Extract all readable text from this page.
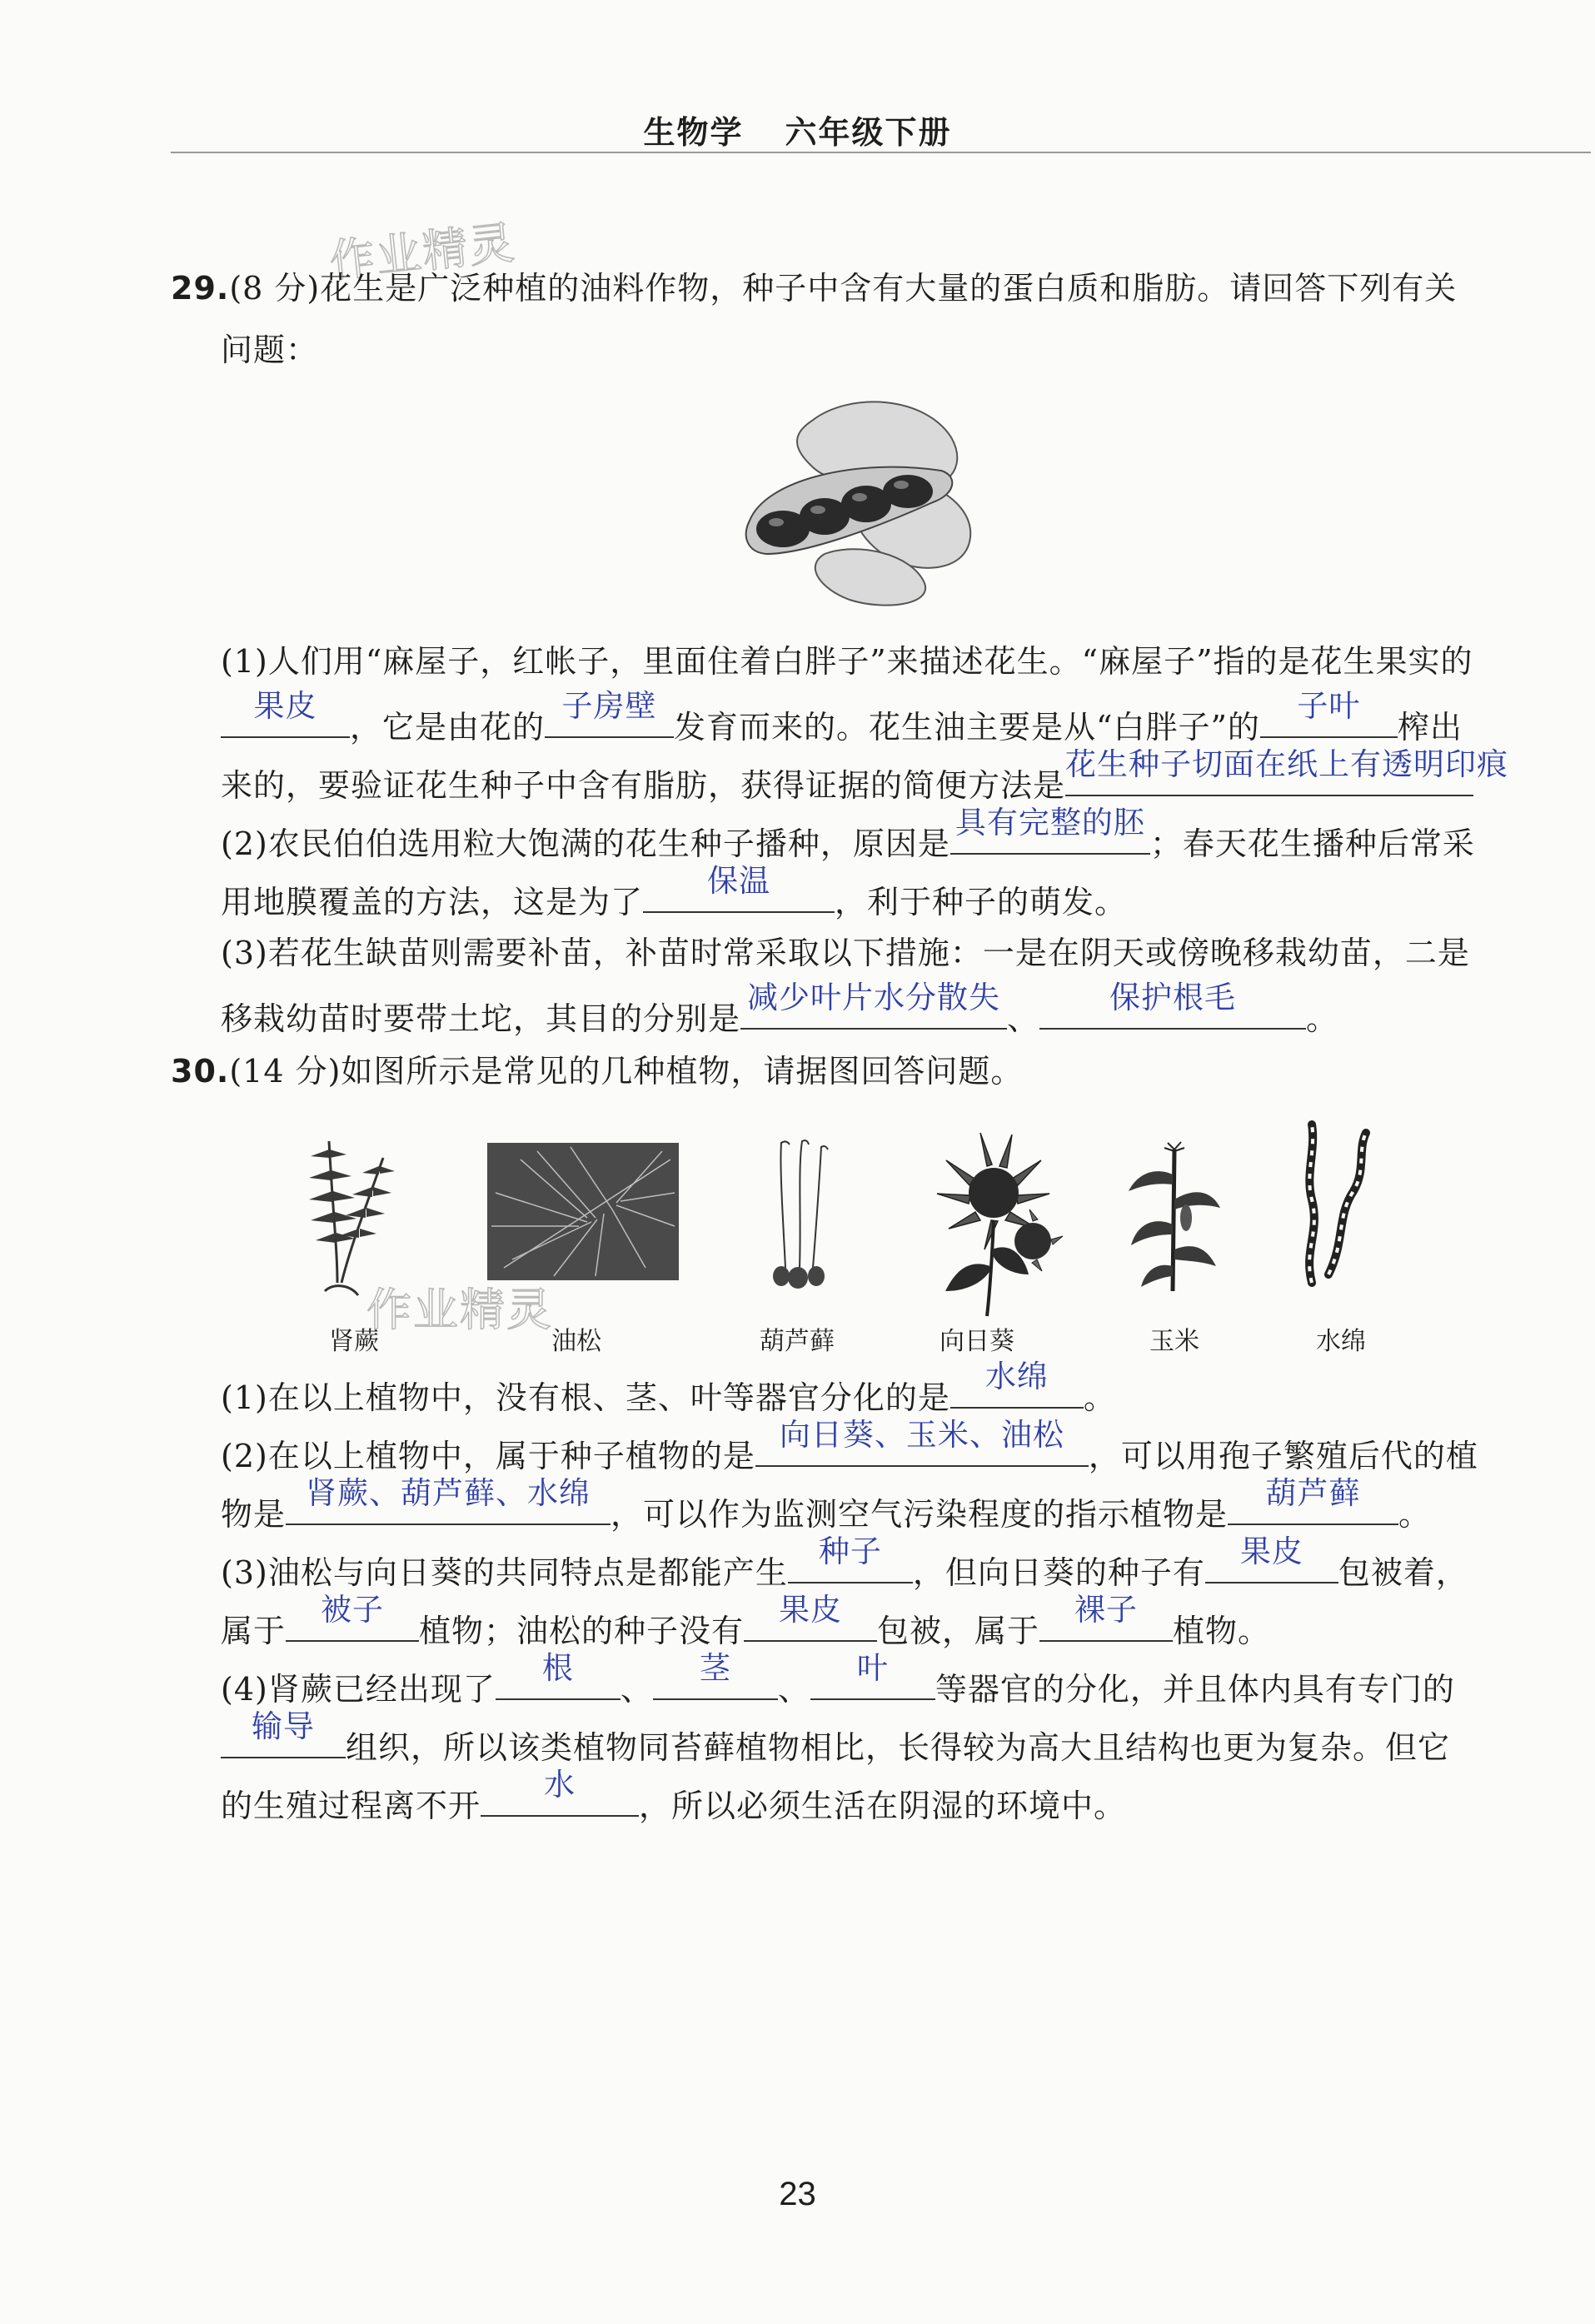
生物学 六年级下册
作业精灵
作业精灵
29.(8 分)花生是广泛种植的油料作物，种子中含有大量的蛋白质和脂肪。请回答下列有关
问题：
(1)人们用“麻屋子，红帐子，里面住着白胖子”来描述花生。“麻屋子”指的是花生果实的
果皮
，它是由花的
子房壁
发育而来的。花生油主要是从“白胖子”的
子叶
榨出
来的，要验证花生种子中含有脂肪，获得证据的简便方法是
花生种子切面在纸上有透明印痕
(2)农民伯伯选用粒大饱满的花生种子播种，原因是
具有完整的胚
；春天花生播种后常采
用地膜覆盖的方法，这是为了
保温
，利于种子的萌发。
(3)若花生缺苗则需要补苗，补苗时常采取以下措施：一是在阴天或傍晚移栽幼苗，二是
移栽幼苗时要带土坨，其目的分别是
减少叶片水分散失
、
保护根毛
。
30.(14 分)如图所示是常见的几种植物，请据图回答问题。
肾蕨	油松	葫芦藓	向日葵	玉米	水绵
(1)在以上植物中，没有根、茎、叶等器官分化的是
水绵
。
(2)在以上植物中，属于种子植物的是
向日葵、玉米、油松
，可以用孢子繁殖后代的植
物是
肾蕨、葫芦藓、水绵
，可以作为监测空气污染程度的指示植物是
葫芦藓
。
(3)油松与向日葵的共同特点是都能产生
种子
，但向日葵的种子有
果皮
包被着，
属于
被子
植物；油松的种子没有
果皮
包被，属于
裸子
植物。
(4)肾蕨已经出现了
根
、
茎
、
叶
等器官的分化，并且体内具有专门的
输导
组织，所以该类植物同苔藓植物相比，长得较为高大且结构也更为复杂。但它
的生殖过程离不开
水
，所以必须生活在阴湿的环境中。
23
